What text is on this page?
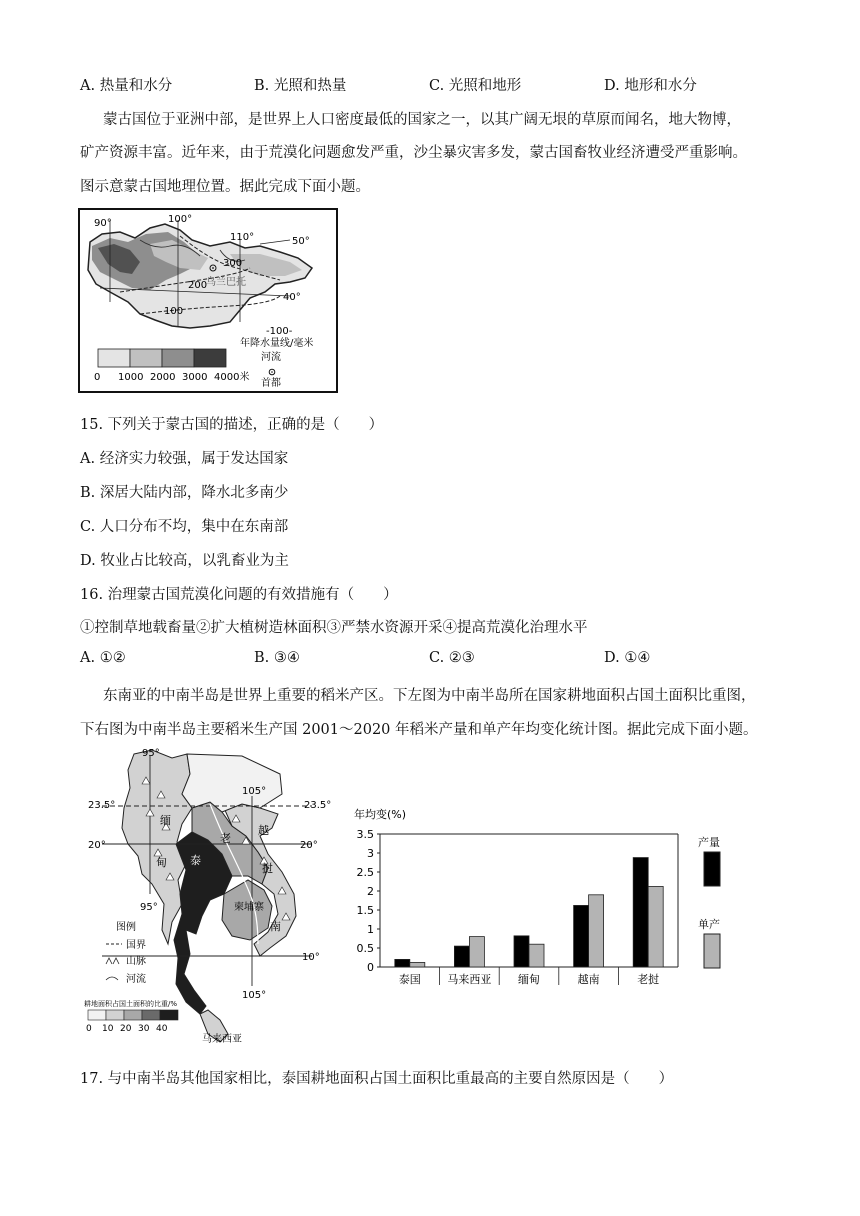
A. 热量和水分	B. 光照和热量	C. 光照和地形	D. 地形和水分
蒙古国位于亚洲中部，是世界上人口密度最低的国家之一，以其广阔无垠的草原而闻名，地大物博，
矿产资源丰富。近年来，由于荒漠化问题愈发严重，沙尘暴灾害多发，蒙古国畜牧业经济遭受严重影响。
图示意蒙古国地理位置。据此完成下面小题。
90°	100°
110°	50°
40°
300
200
100
乌兰巴托
-100-
年降水量线/毫米
河流
首都
0 1000 2000 3000 4000米
15. 下列关于蒙古国的描述，正确的是（　　）
A. 经济实力较强，属于发达国家
B. 深居大陆内部，降水北多南少
C. 人口分布不均，集中在东南部
D. 牧业占比较高，以乳畜业为主
16. 治理蒙古国荒漠化问题的有效措施有（　　）
①控制草地载畜量②扩大植树造林面积③严禁水资源开采④提高荒漠化治理水平
A. ①②	B. ③④	C. ②③	D. ①④
东南亚的中南半岛是世界上重要的稻米产区。下左图为中南半岛所在国家耕地面积占国土面积比重图，
下右图为中南半岛主要稻米生产国 2001～2020 年稻米产量和单产年均变化统计图。据此完成下面小题。
95°
105°
95°
105°
23.5°	23.5°
20°	20°
10°
缅
甸 泰
国
老
越
挝
柬埔寨
南
马来西亚
图例
国界
山脉
河流
耕地面积占国土面积的比重/%
0 10 20 30 40
年均变(%)
0
0.5
1
1.5
2
2.5
3
3.5
泰国 马来西亚 缅甸	越南	老挝
产量
单产
17. 与中南半岛其他国家相比，泰国耕地面积占国土面积比重最高的主要自然原因是（　　）
